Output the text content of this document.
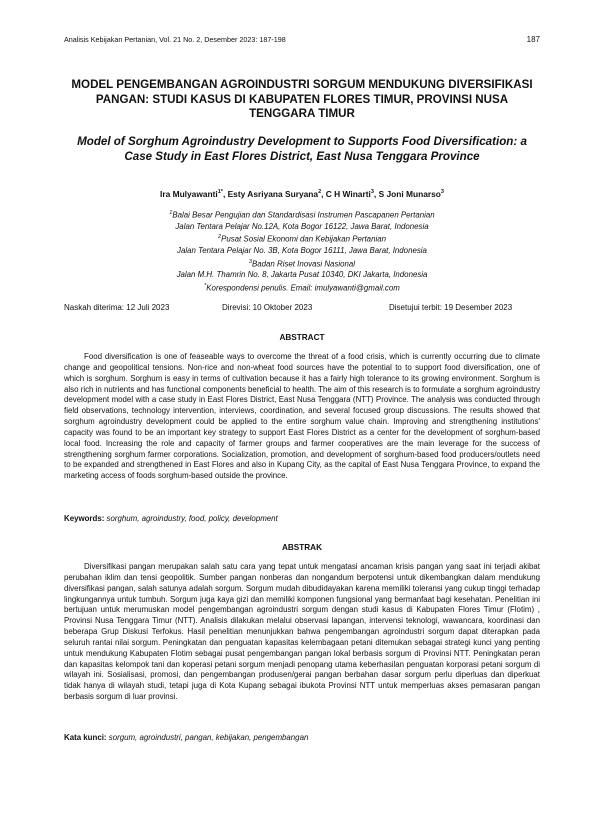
Analisis Kebijakan Pertanian, Vol. 21 No. 2, Desember 2023: 187-198	187
MODEL PENGEMBANGAN AGROINDUSTRI SORGUM MENDUKUNG DIVERSIFIKASI PANGAN: STUDI KASUS DI KABUPATEN FLORES TIMUR, PROVINSI NUSA TENGGARA TIMUR
Model of Sorghum Agroindustry Development to Supports Food Diversification: a Case Study in East Flores District, East Nusa Tenggara Province
Ira Mulyawanti$^{1*}$, Esty Asriyana Suryana$^2$, C H Winarti$^3$, S Joni Munarso$^3$
$^1$Balai Besar Pengujian dan Standardisasi Instrumen Pascapanen Pertanian
Jalan Tentara Pelajar No.12A, Kota Bogor 16122, Jawa Barat, Indonesia
$^2$Pusat Sosial Ekonomi dan Kebijakan Pertanian
Jalan Tentara Pelajar No. 3B, Kota Bogor 16111, Jawa Barat, Indonesia
$^3$Badan Riset Inovasi Nasional
Jalan M.H. Thamrin No. 8, Jakarta Pusat 10340, DKI Jakarta, Indonesia
*Korespondensi penulis. Email: imulyawanti@gmail.com
Naskah diterima: 12 Juli 2023	Direvisi: 10 Oktober 2023	Disetujui terbit: 19 Desember 2023
ABSTRACT

Food diversification is one of feaseable ways to overcome the threat of a food crisis, which is currently occurring due to climate change and geopolitical tensions. Non-rice and non-wheat food sources have the potential to to support food diversification, one of which is sorghum. Sorghum is easy in terms of cultivation because it has a fairly high tolerance to its growing environment. Sorghum is also rich in nutrients and has functional components beneficial to health. The aim of this research is to formulate a sorghum agroindustry development model with a case study in East Flores District, East Nusa Tenggara (NTT) Province. The analysis was conducted through field observations, technology intervention, interviews, coordination, and several focused group discussions. The results showed that sorghum agroindustry development could be applied to the entire sorghum value chain. Improving and strengthening institutions' capacity was found to be an important key strategy to support East Flores District as a center for the development of sorghum-based local food. Increasing the role and capacity of farmer groups and farmer cooperatives are the main leverage for the success of strengthening sorghum farmer corporations. Socialization, promotion, and development of sorghum-based food producers/outlets need to be expanded and strengthened in East Flores and also in Kupang City, as the capital of East Nusa Tenggara Province, to expand the marketing access of foods sorghum-based outside the province.

Keywords: sorghum, agroindustry, food, policy, development
ABSTRAK

Diversifikasi pangan merupakan salah satu cara yang tepat untuk mengatasi ancaman krisis pangan yang saat ini terjadi akibat perubahan iklim dan tensi geopolitik. Sumber pangan nonberas dan nongandum berpotensi untuk dikembangkan dalam mendukung diversifikasi pangan, salah satunya adalah sorgum. Sorgum mudah dibudidayakan karena memiliki toleransi yang cukup tinggi terhadap lingkungannya untuk tumbuh. Sorgum juga kaya gizi dan memiliki komponen fungsional yang bermanfaat bagi kesehatan. Penelitian ini bertujuan untuk merumuskan model pengembangan agroindustri sorgum dengan studi kasus di Kabupaten Flores Timur (Flotim) , Provinsi Nusa Tenggara Timur (NTT). Analisis dilakukan melalui observasi lapangan, intervensi teknologi, wawancara, koordinasi dan beberapa Grup Diskusi Terfokus. Hasil penelitian menunjukkan bahwa pengembangan agroindustri sorgum dapat diterapkan pada seluruh rantai nilai sorgum. Peningkatan dan penguatan kapasitas kelembagaan petani ditemukan sebagai strategi kunci yang penting untuk mendukung Kabupaten Flotim sebagai pusat pengembangan pangan lokal berbasis sorgum di Provinsi NTT. Peningkatan peran dan kapasitas kelompok tani dan koperasi petani sorgum menjadi penopang utama keberhasilan penguatan korporasi petani sorgum di wilayah ini. Sosialisasi, promosi, dan pengembangan produsen/gerai pangan berbahan dasar sorgum perlu diperluas dan diperkuat tidak hanya di wilayah studi, tetapi juga di Kota Kupang sebagai ibukota Provinsi NTT untuk memperluas akses pemasaran pangan berbasis sorgum di luar provinsi.

Kata kunci: sorgum, agroindustri, pangan, kebijakan, pengembangan
